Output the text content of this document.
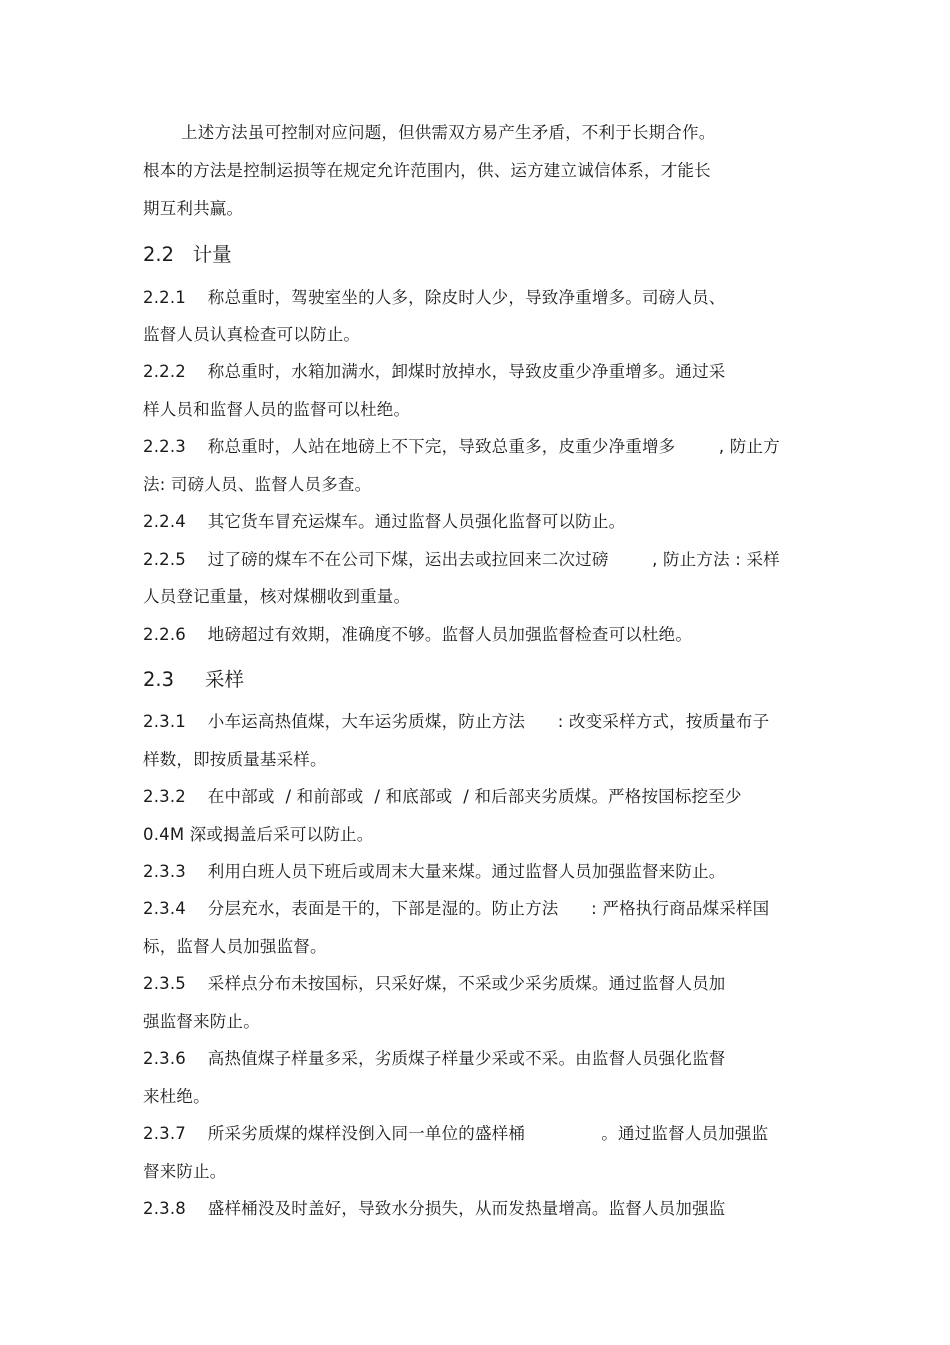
上述方法虽可控制对应问题，但供需双方易产生矛盾，不利于长期合作。
根本的方法是控制运损等在规定允许范围内，供、运方建立诚信体系，才能长
期互利共赢。
2.2   计量
2.2.1    称总重时，驾驶室坐的人多，除皮时人少，导致净重增多。司磅人员、
监督人员认真检查可以防止。
2.2.2    称总重时，水箱加满水，卸煤时放掉水，导致皮重少净重增多。通过采
样人员和监督人员的监督可以杜绝。
2.2.3    称总重时，人站在地磅上不下完，导致总重多，皮重少净重增多        , 防止方
法: 司磅人员、监督人员多查。
2.2.4    其它货车冒充运煤车。通过监督人员强化监督可以防止。
2.2.5    过了磅的煤车不在公司下煤，运出去或拉回来二次过磅        , 防止方法 : 采样
人员登记重量，核对煤棚收到重量。
2.2.6    地磅超过有效期，准确度不够。监督人员加强监督检查可以杜绝。
2.3     采样
2.3.1    小车运高热值煤，大车运劣质煤，防止方法      : 改变采样方式，按质量布子
样数，即按质量基采样。
2.3.2    在中部或  / 和前部或  / 和底部或  / 和后部夹劣质煤。严格按国标挖至少
0.4M 深或揭盖后采可以防止。
2.3.3    利用白班人员下班后或周末大量来煤。通过监督人员加强监督来防止。
2.3.4    分层充水，表面是干的，下部是湿的。防止方法      : 严格执行商品煤采样国
标，监督人员加强监督。
2.3.5    采样点分布未按国标，只采好煤，不采或少采劣质煤。通过监督人员加
强监督来防止。
2.3.6    高热值煤子样量多采，劣质煤子样量少采或不采。由监督人员强化监督
来杜绝。
2.3.7    所采劣质煤的煤样没倒入同一单位的盛样桶              。通过监督人员加强监
督来防止。
2.3.8    盛样桶没及时盖好，导致水分损失，从而发热量增高。监督人员加强监
